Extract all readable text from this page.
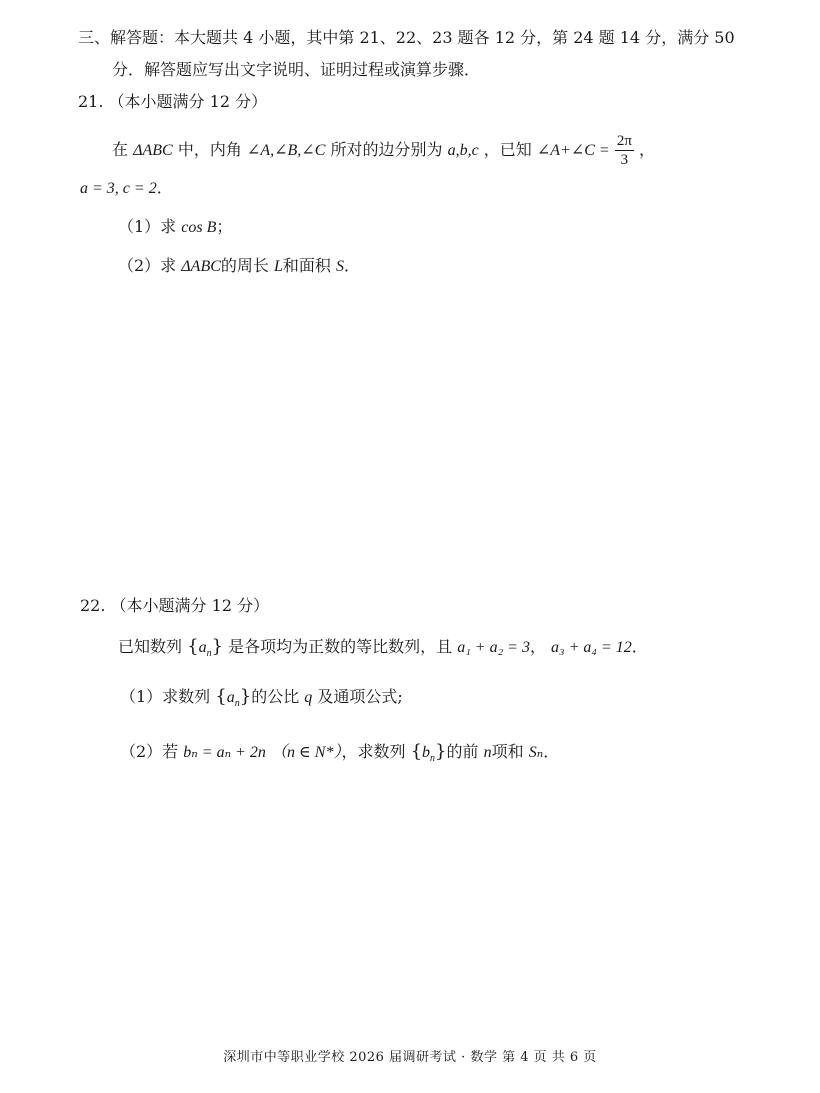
三、解答题：本大题共 4 小题，其中第 21、22、23 题各 12 分，第 24 题 14 分，满分 50
分．解答题应写出文字说明、证明过程或演算步骤．
21. （本小题满分 12 分）
在 ΔABC 中，内角 ∠A,∠B,∠C 所对的边分别为 a,b,c ，已知 ∠A+∠C = $\frac{2\pi}{3}$ ，
a = 3, c = 2．
（1）求 cos B；
（2）求 ΔABC的周长 L和面积 S．
22. （本小题满分 12 分）
已知数列 $\{a_n\}$ 是各项均为正数的等比数列，且 a₁ + a₂ = 3， a₃ + a₄ = 12．
（1）求数列 $\{a_n\}$的公比 q 及通项公式;
（2）若 bₙ = aₙ + 2n （n ∈ N*），求数列 $\{b_n\}$的前 n项和 Sₙ．
深圳市中等职业学校 2026 届调研考试 · 数学 第 4 页 共 6 页
